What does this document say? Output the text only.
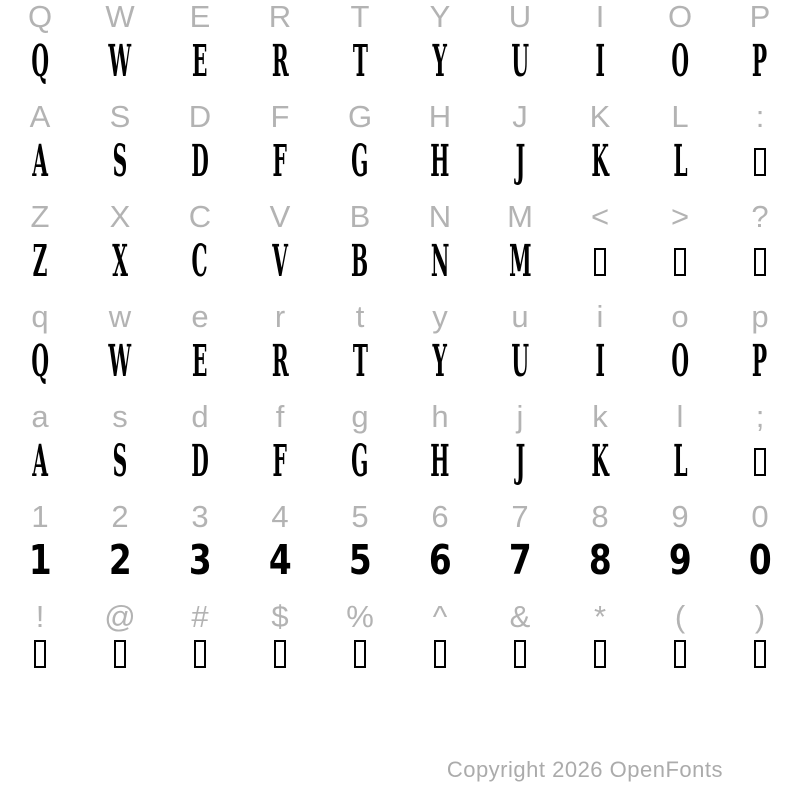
Q W E R T Y U I O P
Q W E R T Y U I O P
A S D F G H J K L :
A S D F G H J K L
Z X C V B N M < > ?
Z X C V B N M
q w e r t y u i o p
Q W E R T Y U I O P
a s d f g h j k l ;
A S D F G H J K L
1 2 3 4 5 6 7 8 9 0
1 2 3 4 5 6 7 8 9 0
! @ # $ % ^ & * ( )
Copyright 2026 OpenFonts
